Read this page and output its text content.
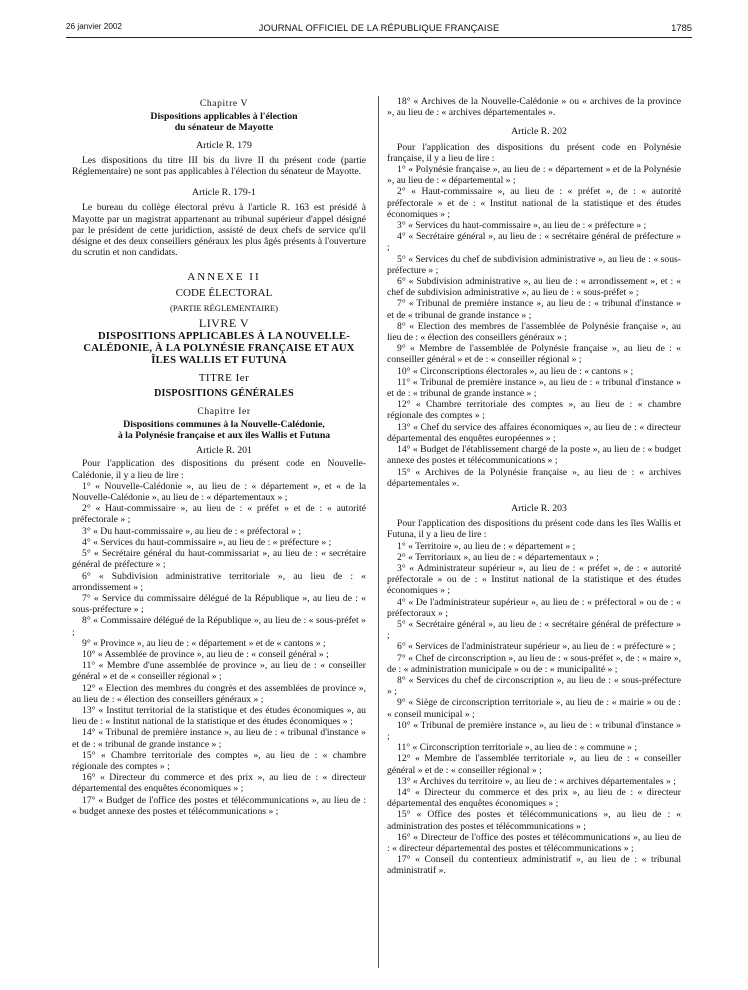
26 janvier 2002	JOURNAL OFFICIEL DE LA RÉPUBLIQUE FRANÇAISE	1785

Chapitre V

Dispositions applicables à l'élection

du sénateur de Mayotte

Article R. 179

Les dispositions du titre III bis du livre II du présent code (partie Réglementaire) ne sont pas applicables à l'élection du sénateur de Mayotte.

Article R. 179-1

Le bureau du collège électoral prévu à l'article R. 163 est présidé à Mayotte par un magistrat appartenant au tribunal supérieur d'appel désigné par le président de cette juridiction, assisté de deux chefs de service qu'il désigne et des deux conseillers généraux les plus âgés présents à l'ouverture du scrutin et non candidats.

ANNEXE II

CODE ÉLECTORAL

(PARTIE RÉGLEMENTAIRE)

LIVRE V

DISPOSITIONS APPLICABLES À LA NOUVELLE-CALÉDONIE, À LA POLYNÉSIE FRANÇAISE ET AUX ÎLES WALLIS ET FUTUNA

TITRE Ier

DISPOSITIONS GÉNÉRALES

Chapitre Ier

Dispositions communes à la Nouvelle-Calédonie,

à la Polynésie française et aux îles Wallis et Futuna

Article R. 201

Pour l'application des dispositions du présent code en Nouvelle-Calédonie, il y a lieu de lire :

1° « Nouvelle-Calédonie », au lieu de : « département », et « de la Nouvelle-Calédonie », au lieu de : « départementaux » ;

2° « Haut-commissaire », au lieu de : « préfet » et de : « autorité préfectorale » ;

3° « Du haut-commissaire », au lieu de : « préfectoral » ;

4° « Services du haut-commissaire », au lieu de : « préfecture » ;

5° « Secrétaire général du haut-commissariat », au lieu de : « secrétaire général de préfecture » ;

6° « Subdivision administrative territoriale », au lieu de : « arrondissement » ;

7° « Service du commissaire délégué de la République », au lieu de : « sous-préfecture » ;

8° « Commissaire délégué de la République », au lieu de : « sous-préfet » ;

9° « Province », au lieu de : « département » et de « cantons » ;

10° « Assemblée de province », au lieu de : « conseil général » ;

11° « Membre d'une assemblée de province », au lieu de : « conseiller général » et de « conseiller régional » ;

12° « Election des membres du congrès et des assemblées de province », au lieu de : « élection des conseillers généraux » ;

13° « Institut territorial de la statistique et des études économiques », au lieu de : « Institut national de la statistique et des études économiques » ;

14° « Tribunal de première instance », au lieu de : « tribunal d'instance » et de : « tribunal de grande instance » ;

15° « Chambre territoriale des comptes », au lieu de : « chambre régionale des comptes » ;

16° « Directeur du commerce et des prix », au lieu de : « directeur départemental des enquêtes économiques » ;

17° « Budget de l'office des postes et télécommunications », au lieu de : « budget annexe des postes et télécommunications » ;

18° « Archives de la Nouvelle-Calédonie » ou « archives de la province », au lieu de : « archives départementales ».

Article R. 202

Pour l'application des dispositions du présent code en Polynésie française, il y a lieu de lire :

1° « Polynésie française », au lieu de : « département » et de la Polynésie », au lieu de : « départemental » ;

2° « Haut-commissaire », au lieu de : « préfet », de : « autorité préfectorale » et de : « Institut national de la statistique et des études économiques » ;

3° « Services du haut-commissaire », au lieu de : « préfecture » ;

4° « Secrétaire général », au lieu de : « secrétaire général de préfecture » ;

5° « Services du chef de subdivision administrative », au lieu de : « sous-préfecture » ;

6° « Subdivision administrative », au lieu de : « arrondissement », et : « chef de subdivision administrative », au lieu de : « sous-préfet » ;

7° « Tribunal de première instance », au lieu de : « tribunal d'instance » et de « tribunal de grande instance » ;

8° « Election des membres de l'assemblée de Polynésie française », au lieu de : « élection des conseillers généraux » ;

9° « Membre de l'assemblée de Polynésie française », au lieu de : « conseiller général » et de : « conseiller régional » ;

10° « Circonscriptions électorales », au lieu de : « cantons » ;

11° « Tribunal de première instance », au lieu de : « tribunal d'instance » et de : « tribunal de grande instance » ;

12° « Chambre territoriale des comptes », au lieu de : « chambre régionale des comptes » ;

13° « Chef du service des affaires économiques », au lieu de : « directeur départemental des enquêtes européennes » ;

14° « Budget de l'établissement chargé de la poste », au lieu de : « budget annexe des postes et télécommunications » ;

15° « Archives de la Polynésie française », au lieu de : « archives départementales ».

Article R. 203

Pour l'application des dispositions du présent code dans les îles Wallis et Futuna, il y a lieu de lire :

1° « Territoire », au lieu de : « département » ;

2° « Territoriaux », au lieu de : « départementaux » ;

3° « Administrateur supérieur », au lieu de : « préfet », de : « autorité préfectorale » ou de : « Institut national de la statistique et des études économiques » ;

4° « De l'administrateur supérieur », au lieu de : « préfectoral » ou de : « préfectoraux » ;

5° « Secrétaire général », au lieu de : « secrétaire général de préfecture » ;

6° « Services de l'administrateur supérieur », au lieu de : « préfecture » ;

7° « Chef de circonscription », au lieu de : « sous-préfet », de : « maire », de : « administration municipale » ou de : « municipalité » ;

8° « Services du chef de circonscription », au lieu de : « sous-préfecture » ;

9° « Siège de circonscription territoriale », au lieu de : « mairie » ou de : « conseil municipal » ;

10° « Tribunal de première instance », au lieu de : « tribunal d'instance » ;

11° « Circonscription territoriale », au lieu de : « commune » ;

12° « Membre de l'assemblée territoriale », au lieu de : « conseiller général » et de : « conseiller régional » ;

13° « Archives du territoire », au lieu de : « archives départementales » ;

14° « Directeur du commerce et des prix », au lieu de : « directeur départemental des enquêtes économiques » ;

15° « Office des postes et télécommunications », au lieu de : « administration des postes et télécommunications » ;

16° « Directeur de l'office des postes et télécommunications », au lieu de : « directeur départemental des postes et télécommunications » ;

17° « Conseil du contentieux administratif », au lieu de : « tribunal administratif ».
